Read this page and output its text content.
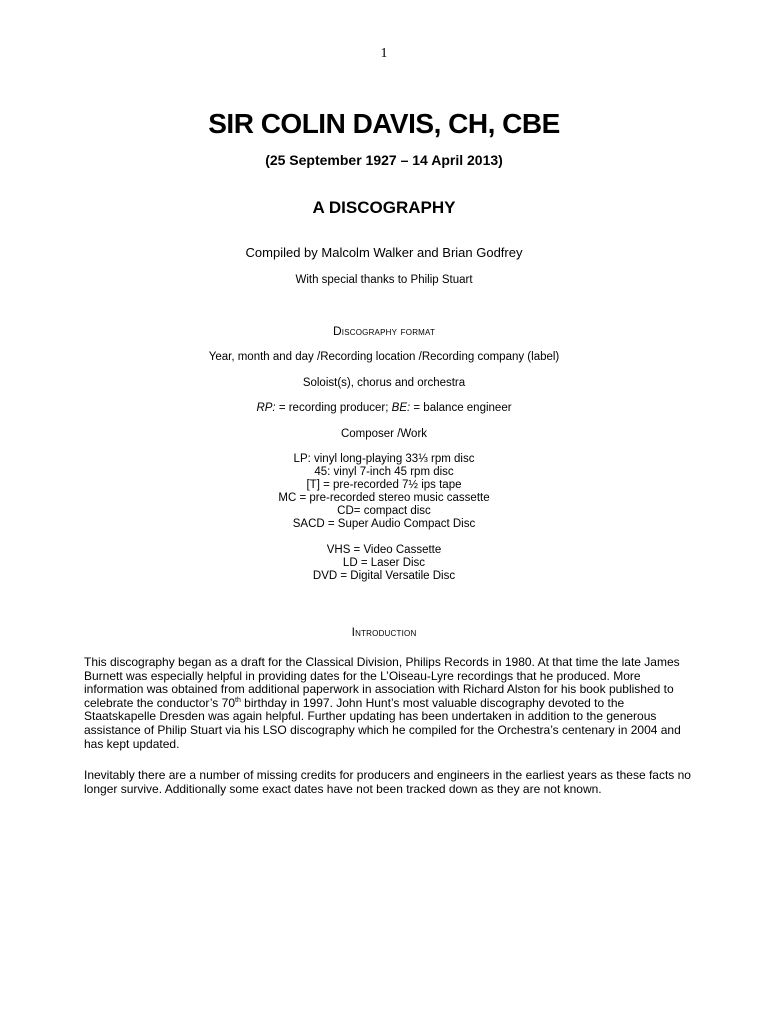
1
SIR COLIN DAVIS, CH, CBE
(25 September 1927 – 14 April 2013)
A DISCOGRAPHY
Compiled by Malcolm Walker and Brian Godfrey
With special thanks to Philip Stuart
Discography format
Year, month and day /Recording location /Recording company (label)
Soloist(s), chorus and orchestra
RP: = recording producer; BE: = balance engineer
Composer /Work
LP: vinyl long-playing 33⅓ rpm disc
45: vinyl 7-inch 45 rpm disc
[T] = pre-recorded 7½ ips tape
MC = pre-recorded stereo music cassette
CD= compact disc
SACD = Super Audio Compact Disc
VHS = Video Cassette
LD = Laser Disc
DVD = Digital Versatile Disc
Introduction
This discography began as a draft for the Classical Division, Philips Records in 1980. At that time the late James Burnett was especially helpful in providing dates for the L’Oiseau-Lyre recordings that he produced. More information was obtained from additional paperwork in association with Richard Alston for his book published to celebrate the conductor’s 70th birthday in 1997. John Hunt’s most valuable discography devoted to the Staatskapelle Dresden was again helpful. Further updating has been undertaken in addition to the generous assistance of Philip Stuart via his LSO discography which he compiled for the Orchestra’s centenary in 2004 and has kept updated.
Inevitably there are a number of missing credits for producers and engineers in the earliest years as these facts no longer survive. Additionally some exact dates have not been tracked down as they are not known.
